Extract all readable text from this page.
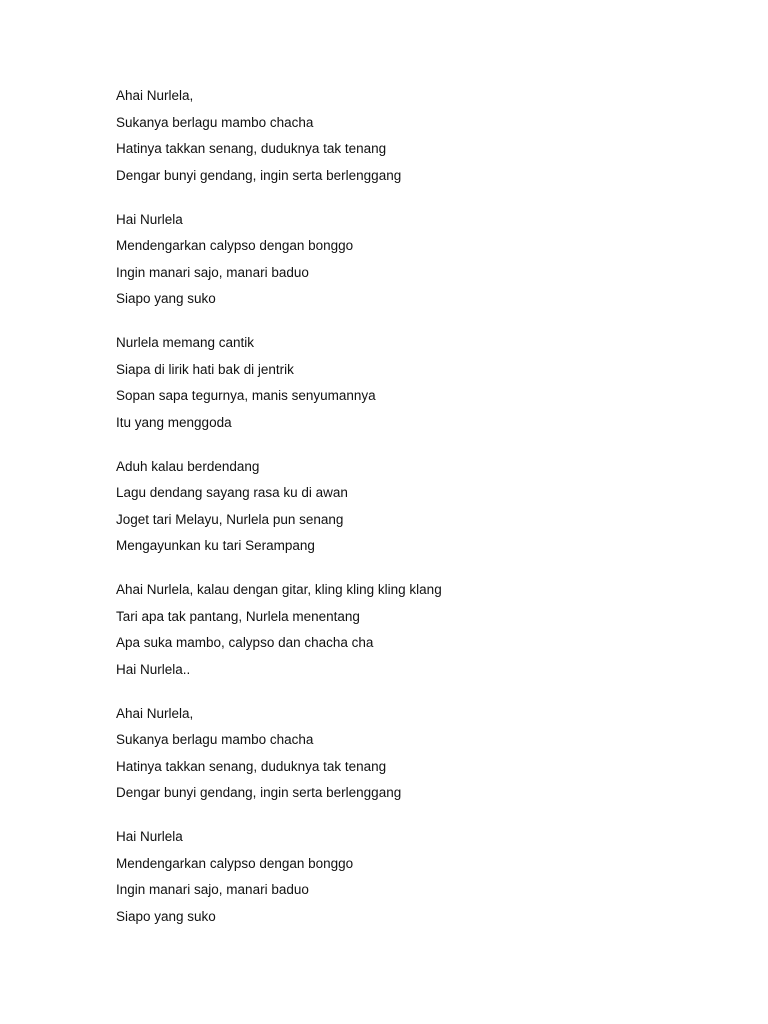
Ahai Nurlela,
Sukanya berlagu mambo chacha
Hatinya takkan senang, duduknya tak tenang
Dengar bunyi gendang, ingin serta berlenggang
Hai Nurlela
Mendengarkan calypso dengan bonggo
Ingin manari sajo, manari baduo
Siapo yang suko
Nurlela memang cantik
Siapa di lirik hati bak di jentrik
Sopan sapa tegurnya, manis senyumannya
Itu yang menggoda
Aduh kalau berdendang
Lagu dendang sayang rasa ku di awan
Joget tari Melayu, Nurlela pun senang
Mengayunkan ku tari Serampang
Ahai Nurlela, kalau dengan gitar, kling kling kling klang
Tari apa tak pantang, Nurlela menentang
Apa suka mambo, calypso dan chacha cha
Hai Nurlela..
Ahai Nurlela,
Sukanya berlagu mambo chacha
Hatinya takkan senang, duduknya tak tenang
Dengar bunyi gendang, ingin serta berlenggang
Hai Nurlela
Mendengarkan calypso dengan bonggo
Ingin manari sajo, manari baduo
Siapo yang suko
